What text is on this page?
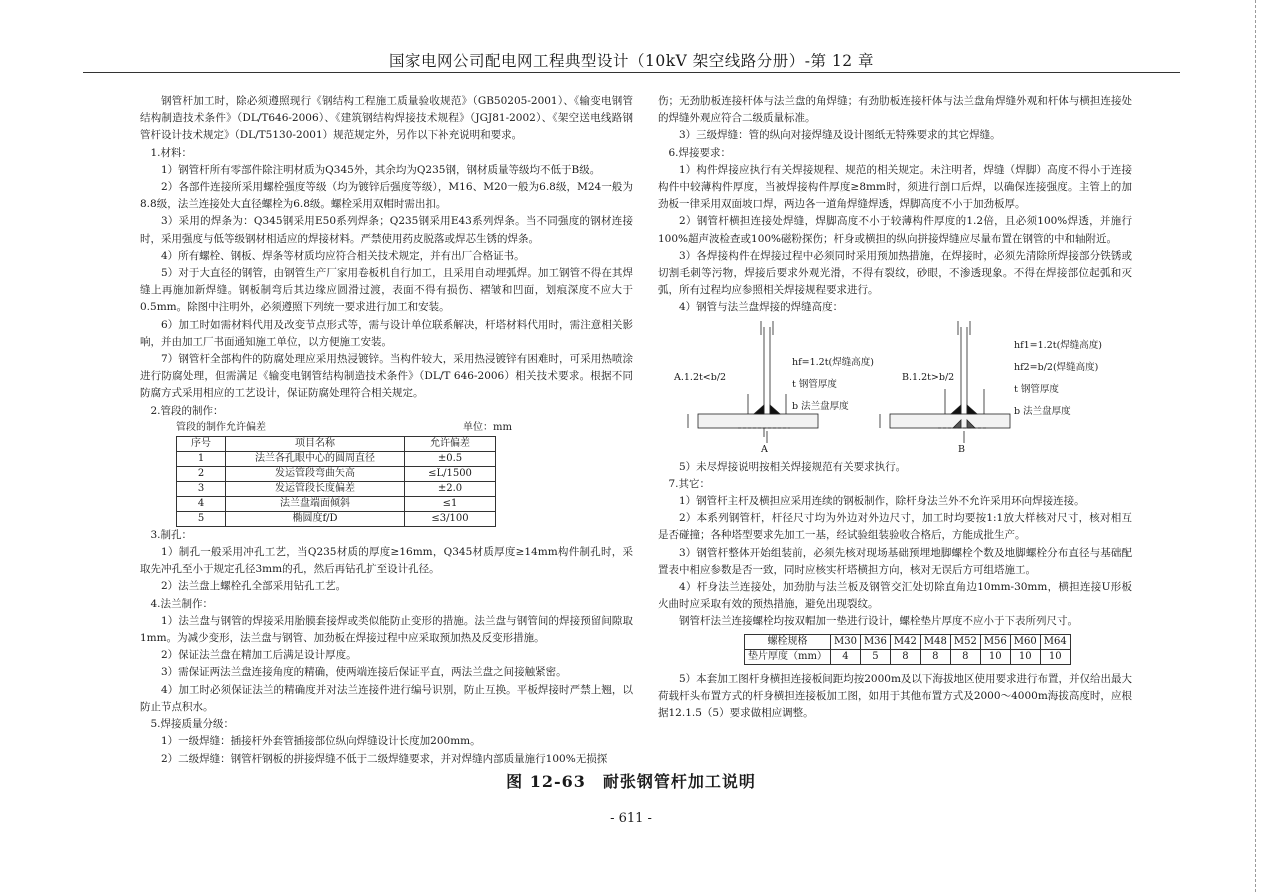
国家电网公司配电网工程典型设计（10kV 架空线路分册）-第 12 章

钢管杆加工时，除必须遵照现行《钢结构工程施工质量验收规范》（GB50205-2001）、《输变电钢管结构制造技术条件》（DL/T646-2006）、《建筑钢结构焊接技术规程》（JGJ81-2002）、《架空送电线路钢管杆设计技术规定》（DL/T5130-2001）规范规定外，另作以下补充说明和要求。

1.材料：

1）钢管杆所有零部件除注明材质为Q345外，其余均为Q235钢，钢材质量等级均不低于B级。

2）各部件连接所采用螺栓强度等级（均为镀锌后强度等级），M16、M20一般为6.8级，M24一般为8.8级，法兰连接处大直径螺栓为6.8级。螺栓采用双帽时需出扣。

3）采用的焊条为：Q345钢采用E50系列焊条；Q235钢采用E43系列焊条。当不同强度的钢材连接时，采用强度与低等级钢材相适应的焊接材料。严禁使用药皮脱落或焊芯生锈的焊条。

4）所有螺栓、钢板、焊条等材质均应符合相关技术规定，并有出厂合格证书。

5）对于大直径的钢管，由钢管生产厂家用卷板机自行加工，且采用自动埋弧焊。加工钢管不得在其焊缝上再施加新焊缝。钢板制弯后其边缘应圆滑过渡，表面不得有损伤、褶皱和凹面，划痕深度不应大于0.5mm。除图中注明外，必须遵照下列统一要求进行加工和安装。

6）加工时如需材料代用及改变节点形式等，需与设计单位联系解决，杆塔材料代用时，需注意相关影响，并由加工厂书面通知施工单位，以方便施工安装。

7）钢管杆全部构件的防腐处理应采用热浸镀锌。当构件较大，采用热浸镀锌有困难时，可采用热喷涂进行防腐处理，但需满足《输变电钢管结构制造技术条件》（DL/T 646-2006）相关技术要求。根据不同防腐方式采用相应的工艺设计，保证防腐处理符合相关规定。

2.管段的制作：

管段的制作允许偏差	单位：mm
序号	项目名称	允许偏差
1	法兰各孔眼中心的圆周直径	±0.5
2	发运管段弯曲矢高	≤L/1500
3	发运管段长度偏差	±2.0
4	法兰盘端面倾斜	≤1
5	椭圆度f/D	≤3/100

3.制孔：

1）制孔一般采用冲孔工艺，当Q235材质的厚度≥16mm，Q345材质厚度≥14mm构件制孔时，采取先冲孔至小于规定孔径3mm的孔，然后再钻孔扩至设计孔径。

2）法兰盘上螺栓孔全部采用钻孔工艺。

4.法兰制作：

1）法兰盘与钢管的焊接采用胎膜套接焊或类似能防止变形的措施。法兰盘与钢管间的焊接预留间隙取1mm。为减少变形，法兰盘与钢管、加劲板在焊接过程中应采取预加热及反变形措施。

2）保证法兰盘在精加工后满足设计厚度。

3）需保证两法兰盘连接角度的精确，使两端连接后保证平直，两法兰盘之间接触紧密。

4）加工时必须保证法兰的精确度并对法兰连接件进行编号识别，防止互换。平板焊接时严禁上翘，以防止节点积水。

5.焊接质量分级：

1）一级焊缝：插接杆外套管插接部位纵向焊缝设计长度加200mm。

2）二级焊缝：钢管杆钢板的拼接焊缝不低于二级焊缝要求，并对焊缝内部质量施行100%无损探

伤；无劲肋板连接杆体与法兰盘的角焊缝；有劲肋板连接杆体与法兰盘角焊缝外观和杆体与横担连接处的焊缝外观应符合二级质量标准。

3）三级焊缝：管的纵向对接焊缝及设计图纸无特殊要求的其它焊缝。

6.焊接要求：

1）构件焊接应执行有关焊接规程、规范的相关规定。未注明者，焊缝（焊脚）高度不得小于连接构件中较薄构件厚度，当被焊接构件厚度≥8mm时，须进行剖口后焊，以确保连接强度。主管上的加劲板一律采用双面坡口焊，两边各一道角焊缝焊透，焊脚高度不小于加劲板厚。

2）钢管杆横担连接处焊缝，焊脚高度不小于较薄构件厚度的1.2倍，且必须100%焊透，并施行100%超声波检查或100%磁粉探伤；杆身或横担的纵向拼接焊缝应尽量布置在钢管的中和轴附近。

3）各焊接构件在焊接过程中必须同时采用预加热措施，在焊接时，必须先清除所焊接部分铁锈或切割毛刺等污物，焊接后要求外观光滑，不得有裂纹，砂眼，不渗透现象。不得在焊接部位起弧和灭弧，所有过程均应参照相关焊接规程要求进行。

4）钢管与法兰盘焊接的焊缝高度：

A.1.2t<b/2
hf=1.2t(焊缝高度)
t 钢管厚度
b 法兰盘厚度
A
B.1.2t>b/2
hf1=1.2t(焊缝高度)
hf2=b/2(焊缝高度)
t 钢管厚度
b 法兰盘厚度
B

5）未尽焊接说明按相关焊接规范有关要求执行。

7.其它：

1）钢管杆主杆及横担应采用连续的钢板制作，除杆身法兰外不允许采用环向焊接连接。

2）本系列钢管杆，杆径尺寸均为外边对外边尺寸，加工时均要按1:1放大样核对尺寸，核对相互是否碰撞；各种塔型要求先加工一基，经试验组装验收合格后，方能成批生产。

3）钢管杆整体开始组装前，必须先核对现场基础预埋地脚螺栓个数及地脚螺栓分布直径与基础配置表中相应参数是否一致，同时应核实杆塔横担方向，核对无误后方可组塔施工。

4）杆身法兰连接处，加劲肋与法兰板及钢管交汇处切除直角边10mm-30mm，横担连接U形板火曲时应采取有效的预热措施，避免出现裂纹。

钢管杆法兰连接螺栓均按双帽加一垫进行设计，螺栓垫片厚度不应小于下表所列尺寸。

螺栓规格	M30	M36	M42	M48	M52	M56	M60	M64
垫片厚度（mm）	4	5	8	8	8	10	10	10

5）本套加工图杆身横担连接板间距均按2000m及以下海拔地区使用要求进行布置，并仅给出最大荷载杆头布置方式的杆身横担连接板加工图，如用于其他布置方式及2000～4000m海拔高度时，应根据12.1.5（5）要求做相应调整。

图 12-63　耐张钢管杆加工说明
- 611 -
